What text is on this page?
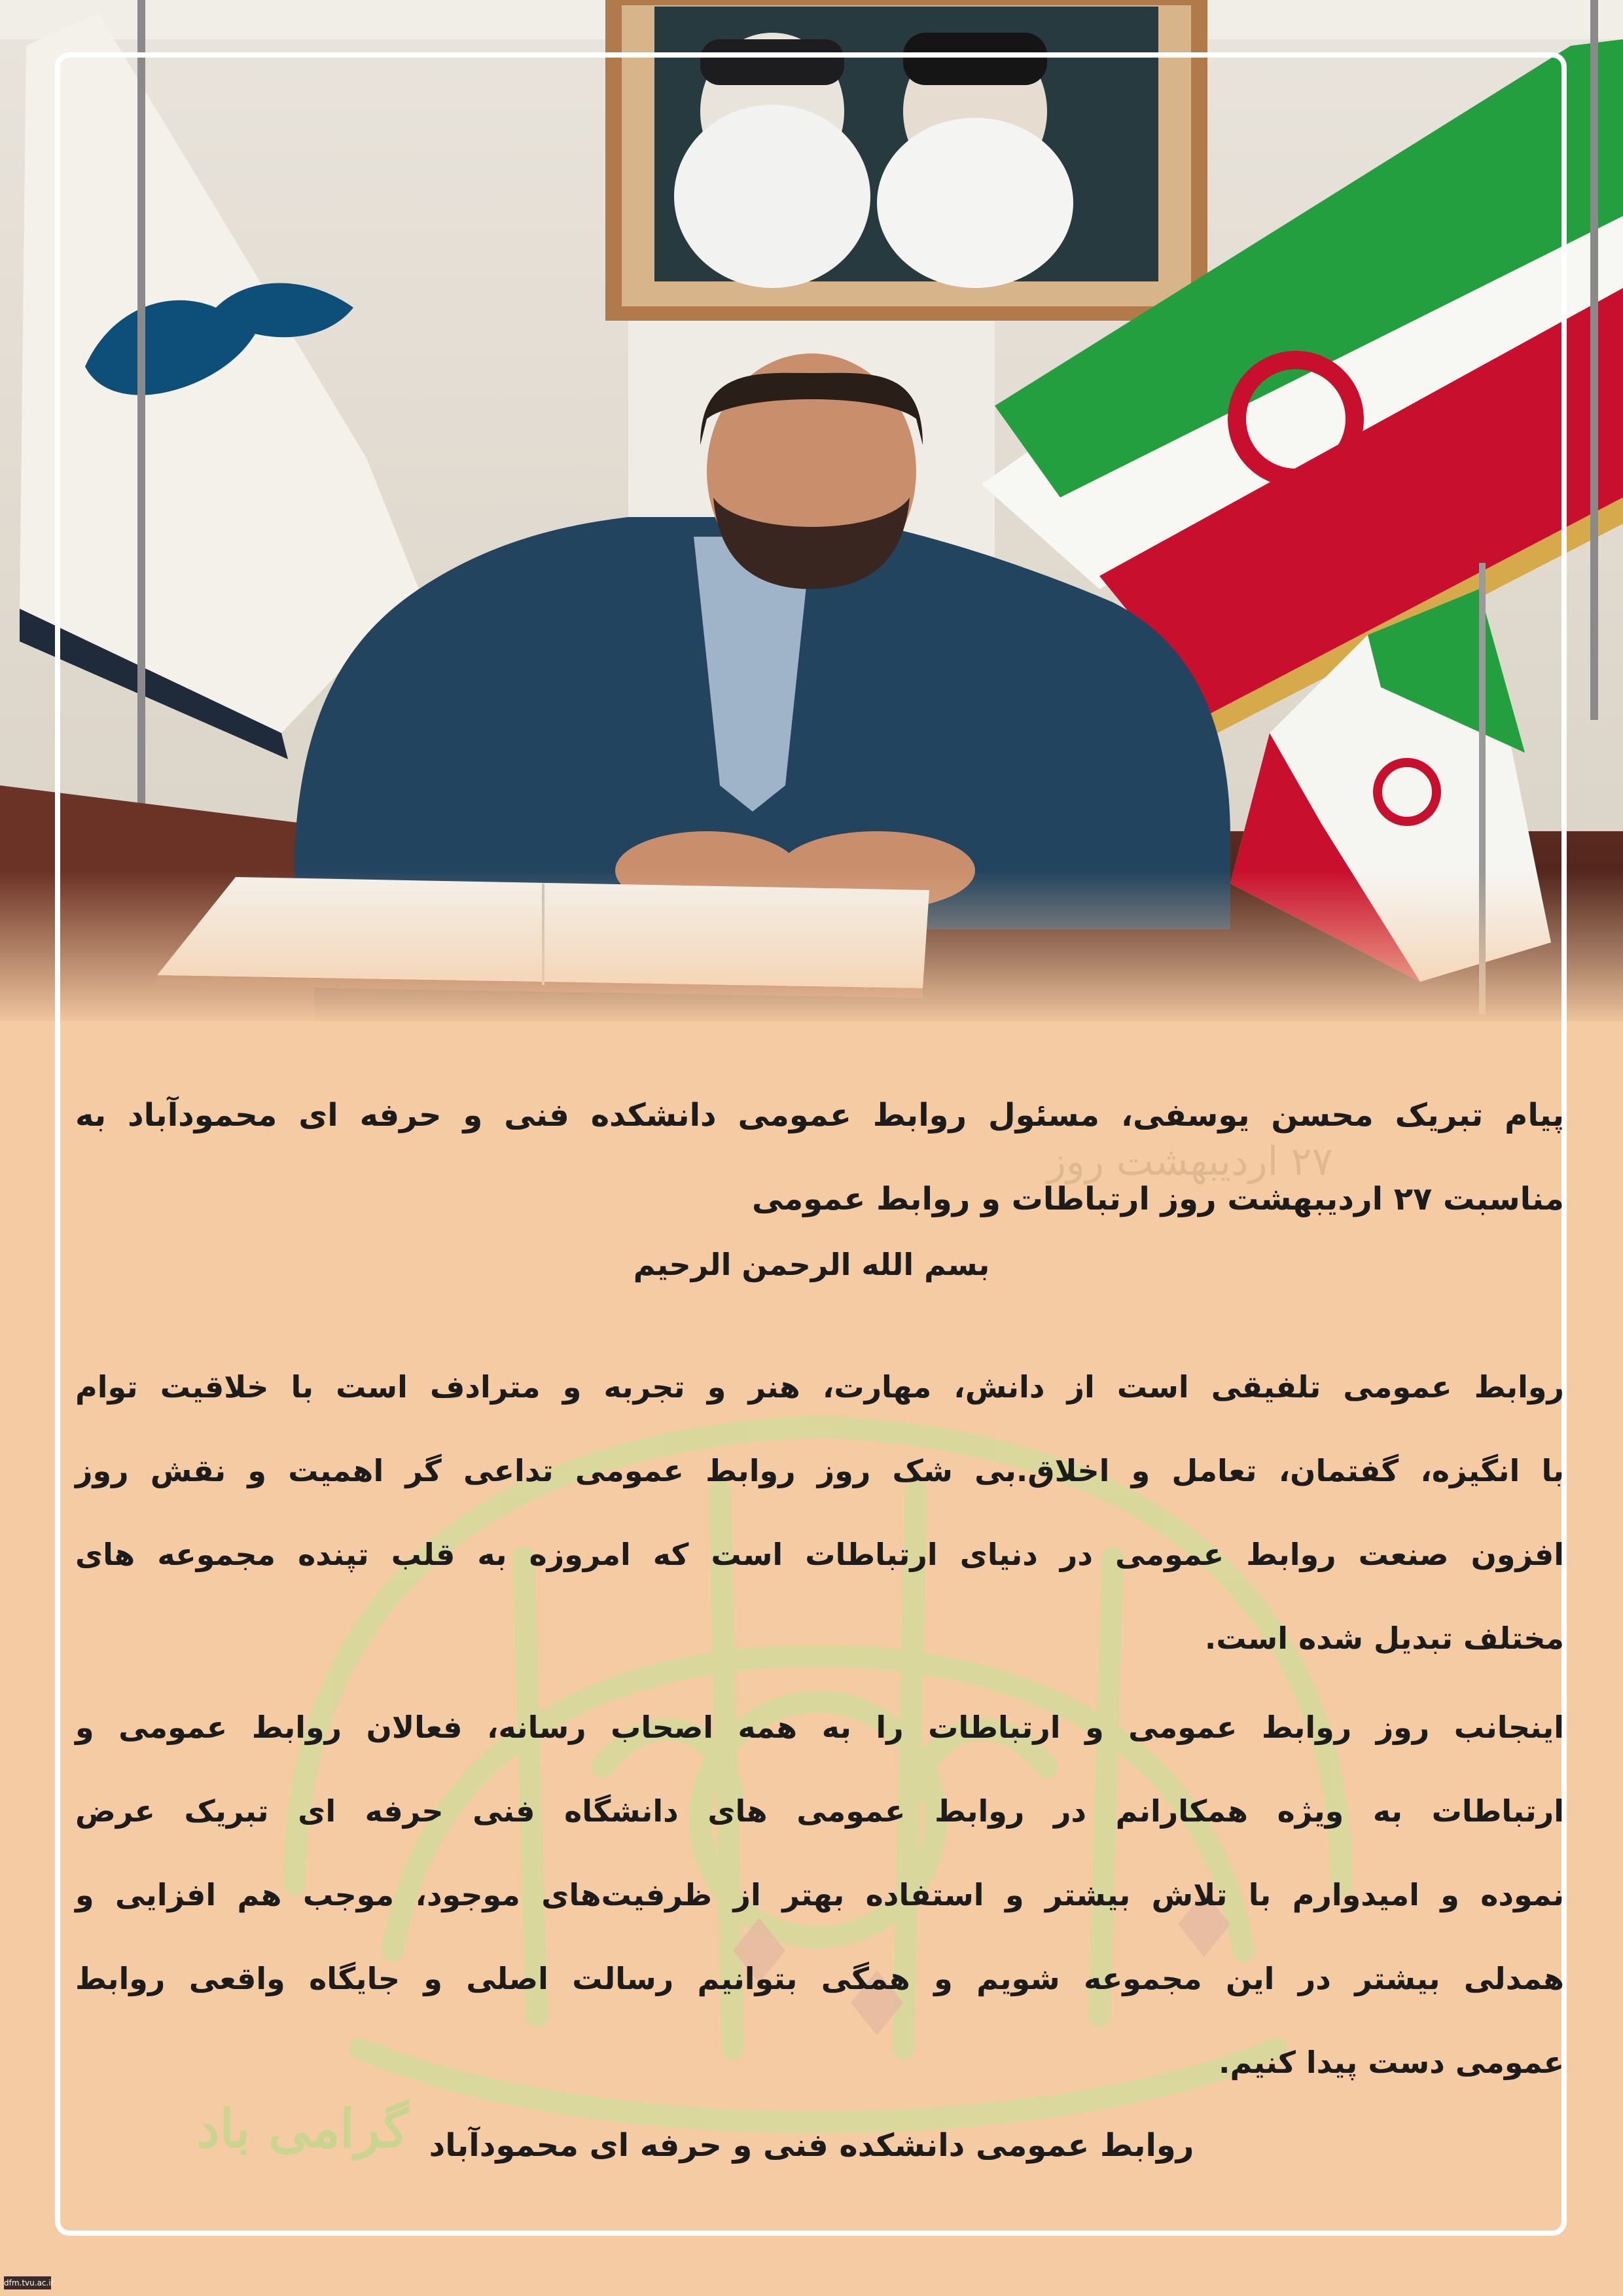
۲۷ اردیبهشت روز
گرامی باد
پیام تبریک محسن یوسفی، مسئول روابط عمومی دانشکده فنی و حرفه ای محمودآباد به
مناسبت ۲۷ اردیبهشت روز ارتباطات و روابط عمومی
بسم الله الرحمن الرحیم
روابط عمومی تلفیقی است از دانش، مهارت، هنر و تجربه و مترادف است با خلاقیت توام
با انگیزه، گفتمان، تعامل و اخلاق.بی شک روز روابط عمومی تداعی گر اهمیت و نقش روز
افزون صنعت روابط عمومی در دنیای ارتباطات است که امروزه به قلب تپنده مجموعه های
مختلف تبدیل شده است.
اینجانب روز روابط عمومی و ارتباطات را به همه اصحاب رسانه، فعالان روابط عمومی و
ارتباطات به ویژه همکارانم در روابط عمومی های دانشگاه فنی حرفه ای تبریک عرض
نموده و امیدوارم با تلاش بیشتر و استفاده بهتر از ظرفیت‌های موجود، موجب هم افزایی و
همدلی بیشتر در این مجموعه شویم و همگی بتوانیم رسالت اصلی و جایگاه واقعی روابط
عمومی دست پیدا کنیم.
روابط عمومی دانشکده فنی و حرفه ای محمودآباد
dfm.tvu.ac.ir
